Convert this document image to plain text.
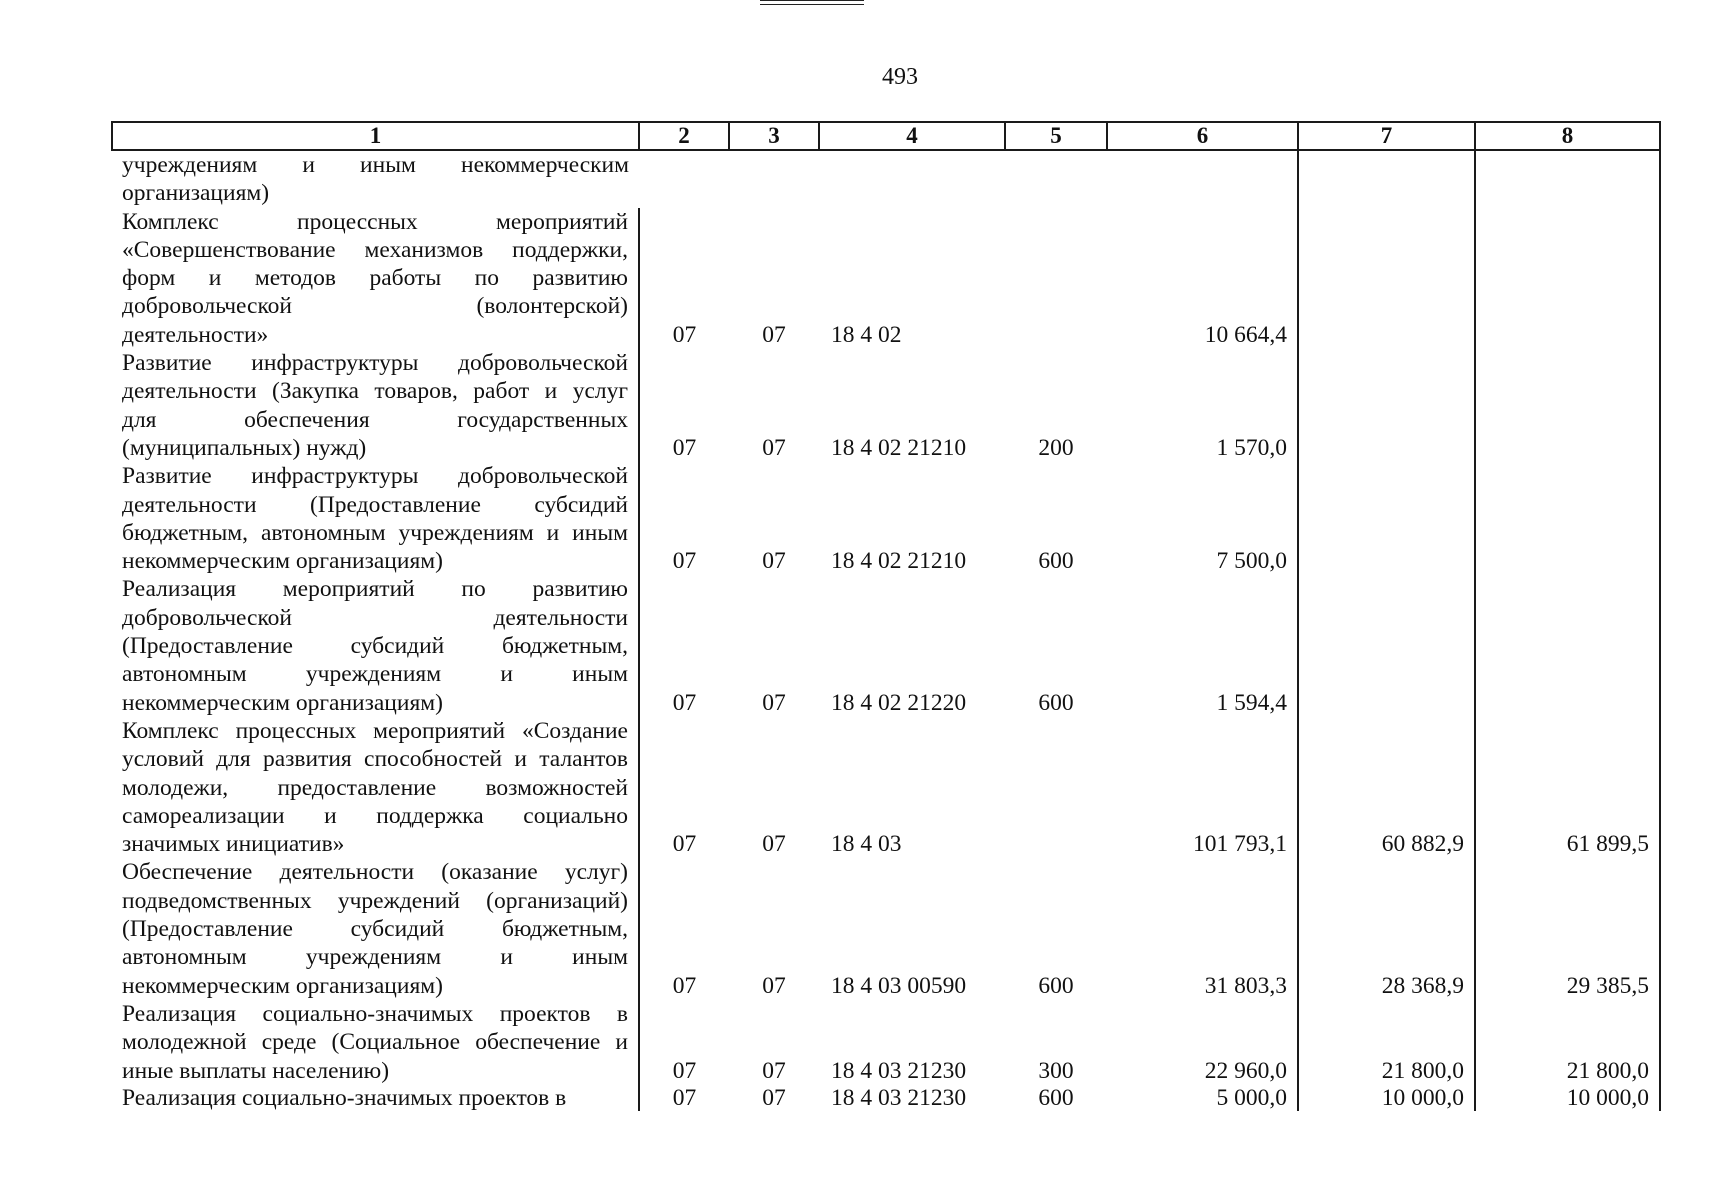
493
1	2	3	4	5	6	7	8

учреждениям и иным некоммерческим
организациям)							

Комплекс процессных мероприятий
«Совершенствование механизмов поддержки,
форм и методов работы по развитию
добровольческой (волонтерской)
деятельности»	07	07	18 4 02		10 664,4		

Развитие инфраструктуры добровольческой
деятельности (Закупка товаров, работ и услуг
для обеспечения государственных
(муниципальных) нужд)	07	07	18 4 02 21210	200	1 570,0		

Развитие инфраструктуры добровольческой
деятельности (Предоставление субсидий
бюджетным, автономным учреждениям и иным
некоммерческим организациям)	07	07	18 4 02 21210	600	7 500,0		

Реализация мероприятий по развитию
добровольческой деятельности
(Предоставление субсидий бюджетным,
автономным учреждениям и иным
некоммерческим организациям)	07	07	18 4 02 21220	600	1 594,4		

Комплекс процессных мероприятий «Создание
условий для развития способностей и талантов
молодежи, предоставление возможностей
самореализации и поддержка социально
значимых инициатив»	07	07	18 4 03		101 793,1	60 882,9	61 899,5

Обеспечение деятельности (оказание услуг)
подведомственных учреждений (организаций)
(Предоставление субсидий бюджетным,
автономным учреждениям и иным
некоммерческим организациям)	07	07	18 4 03 00590	600	31 803,3	28 368,9	29 385,5

Реализация социально-значимых проектов в
молодежной среде (Социальное обеспечение и
иные выплаты населению)	07	07	18 4 03 21230	300	22 960,0	21 800,0	21 800,0

Реализация социально-значимых проектов в	07	07	18 4 03 21230	600	5 000,0	10 000,0	10 000,0
